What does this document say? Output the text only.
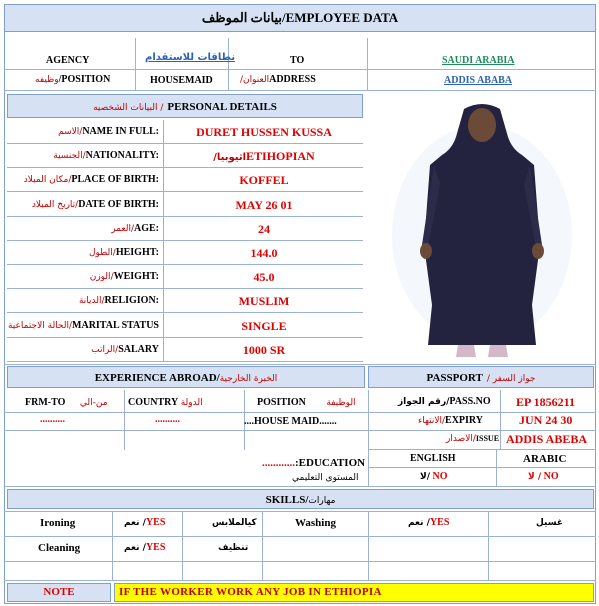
بيانات الموظف/EMPLOYEE DATA
AGENCY	نطاقات للاستقدام	TO	SAUDI ARABIA
وظيفه/POSITION	HOUSEMAID	/العنوانADDRESS	ADDIS ABABA
البيانات الشخصيه / PERSONAL DETAILS
الاسم/NAME IN FULL:	DURET HUSSEN KUSSA
الجنسية/NATIONALITY:	/اثيوبياETIHOPIAN
مكان الميلاد/PLACE OF BIRTH:	KOFFEL
تاريخ الميلاد/DATE OF BIRTH:	MAY 26 01
العمر/AGE:	24
الطول/HEIGHT:	144.0
الوزن/WEIGHT:	45.0
الديانة/RELIGION:	MUSLIM
الحالة الاجتماعية/MARITAL STATUS	SINGLE
الراتب/SALARY	1000 SR
EXPERIENCE ABROAD/الخبرة الخارجية	PASSPORT / جواز السفر
FRM-TO من-الي COUNTRY الدولة	POSITION الوظيفة
..........	..........	....HOUSE MAID.......
رقم الجواز/PASS.NO EP 1856211
الانتهاء/EXPIRY	JUN 24 30
الاصدار/ISSUE ADDIS ABEBA
............:EDUCATION
المستوى التعليمي
ENGLISH	ARABIC
لا/ NO	لا / NO
SKILLS/مهارات
Ironing	نعم /YES	كيالملابس	Washing	نعم /YES	غسيل
Cleaning	نعم /YES	تنظيف
NOTE	IF THE WORKER WORK ANY JOB IN ETHIOPIA
